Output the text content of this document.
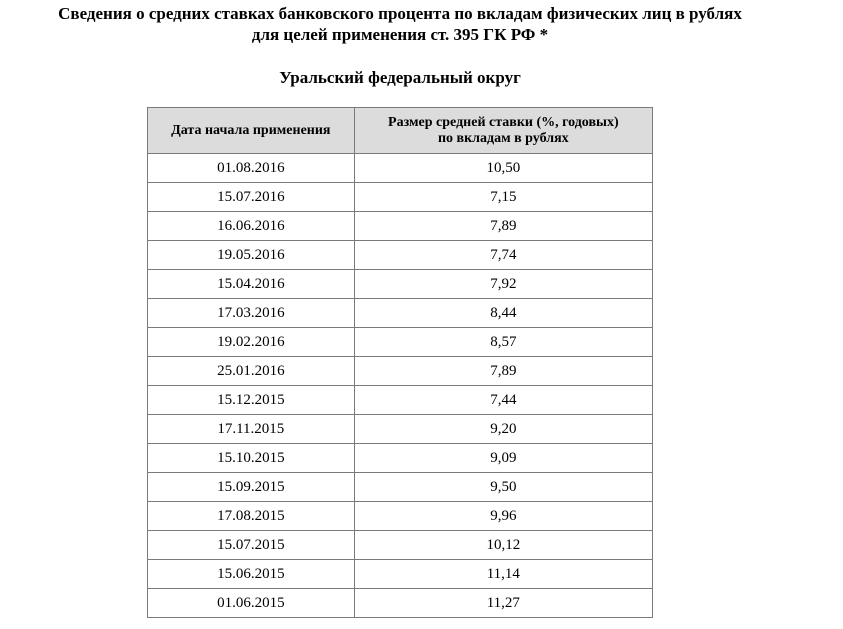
Сведения о средних ставках банковского процента по вкладам физических лиц в рублях
для целей применения ст. 395 ГК РФ *
Уральский федеральный округ
Дата начала применения	Размер средней ставки (%, годовых)
по вкладам в рублях

01.08.2016	10,50
15.07.2016	7,15
16.06.2016	7,89
19.05.2016	7,74
15.04.2016	7,92
17.03.2016	8,44
19.02.2016	8,57
25.01.2016	7,89
15.12.2015	7,44
17.11.2015	9,20
15.10.2015	9,09
15.09.2015	9,50
17.08.2015	9,96
15.07.2015	10,12
15.06.2015	11,14
01.06.2015	11,27
